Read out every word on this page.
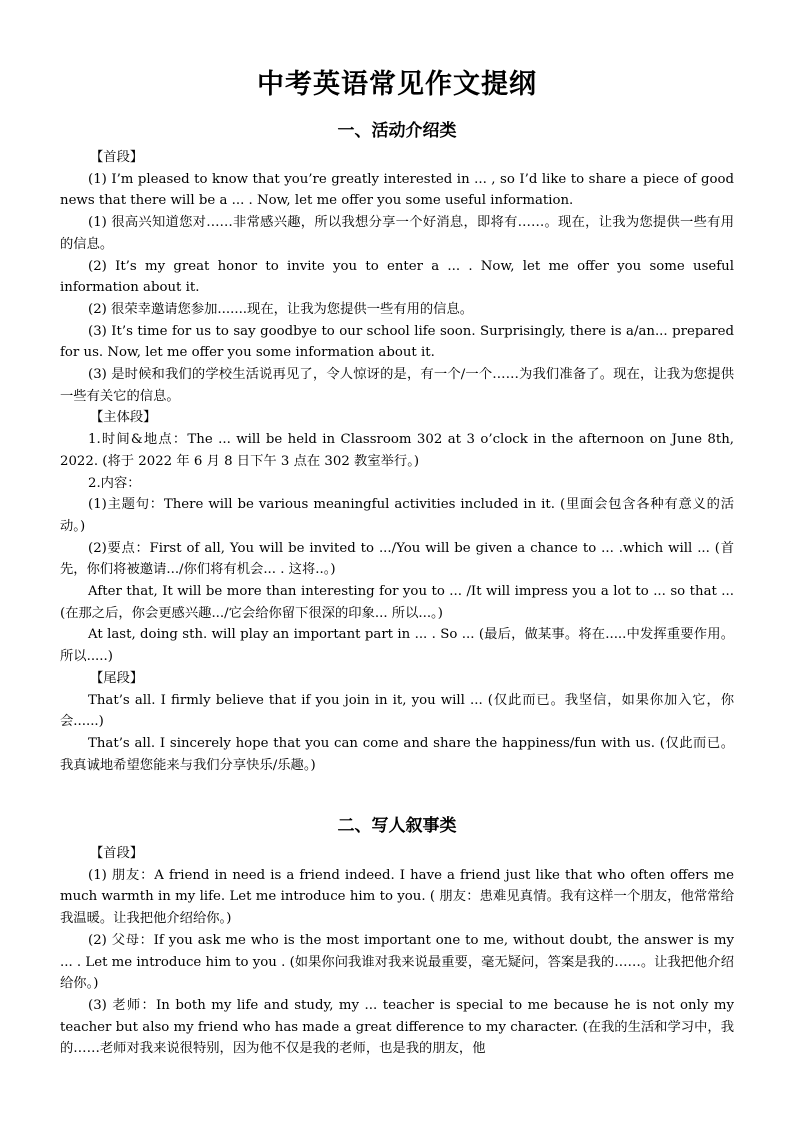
中考英语常见作文提纲
一、活动介绍类

【首段】

(1) I’m pleased to know that you’re greatly interested in ... , so I’d like to share a piece of good news that there will be a ... . Now, let me offer you some useful information.

(1) 很高兴知道您对……非常感兴趣，所以我想分享一个好消息，即将有……。现在，让我为您提供一些有用的信息。

(2) It’s my great honor to invite you to enter a ... . Now, let me offer you some useful information about it.

(2) 很荣幸邀请您参加.......现在，让我为您提供一些有用的信息。

(3) It’s time for us to say goodbye to our school life soon. Surprisingly, there is a/an... prepared for us. Now, let me offer you some information about it.

(3) 是时候和我们的学校生活说再见了，令人惊讶的是，有一个/一个……为我们准备了。现在，让我为您提供一些有关它的信息。

【主体段】

1.时间&地点：The ... will be held in Classroom 302 at 3 o’clock in the afternoon on June 8th, 2022. (将于 2022 年 6 月 8 日下午 3 点在 302 教室举行。)

2.内容：

(1)主题句：There will be various meaningful activities included in it. (里面会包含各种有意义的活动。)

(2)要点：First of all, You will be invited to .../You will be given a chance to ... .which will ... (首先，你们将被邀请.../你们将有机会... . 这将..。)

After that, It will be more than interesting for you to ... /It will impress you a lot to ... so that ... (在那之后，你会更感兴趣.../它会给你留下很深的印象... 所以...。)

At last, doing sth. will play an important part in ... . So ... (最后，做某事。将在.....中发挥重要作用。所以.....)

【尾段】

That’s all. I firmly believe that if you join in it, you will ... (仅此而已。我坚信，如果你加入它，你会......)

That’s all. I sincerely hope that you can come and share the happiness/fun with us. (仅此而已。我真诚地希望您能来与我们分享快乐/乐趣。)

二、写人叙事类

【首段】

(1) 朋友：A friend in need is a friend indeed. I have a friend just like that who often offers me much warmth in my life. Let me introduce him to you. ( 朋友：患难见真情。我有这样一个朋友，他常常给我温暖。让我把他介绍给你。)

(2) 父母：If you ask me who is the most important one to me, without doubt, the answer is my ... . Let me introduce him to you . (如果你问我谁对我来说最重要，毫无疑问，答案是我的……。让我把他介绍给你。)

(3) 老师：In both my life and study, my ... teacher is special to me because he is not only my teacher but also my friend who has made a great difference to my character. (在我的生活和学习中，我的……老师对我来说很特别，因为他不仅是我的老师，也是我的朋友，他
